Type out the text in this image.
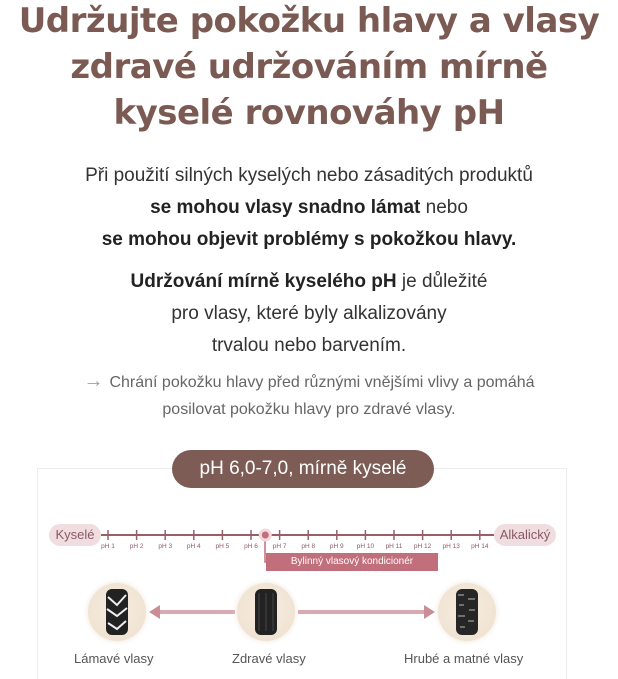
Udržujte pokožku hlavy a vlasy
zdravé udržováním mírně
kyselé rovnováhy pH
Při použití silných kyselých nebo zásaditých produktů
se mohou vlasy snadno lámat nebo
se mohou objevit problémy s pokožkou hlavy.
Udržování mírně kyselého pH je důležité
pro vlasy, které byly alkalizovány
trvalou nebo barvením.
→ Chrání pokožku hlavy před různými vnějšími vlivy a pomáhá
posilovat pokožku hlavy pro zdravé vlasy.
pH 6,0-7,0, mírně kyselé
pH 1 pH 2 pH 3 pH 4 pH 5 pH 6 pH 7 pH 8 pH 9 pH 10 pH 11 pH 12 pH 13 pH 14
Kyselé	Alkalický
Bylinný vlasový kondicionér
Lámavé vlasy	Zdravé vlasy	Hrubé a matné vlasy
